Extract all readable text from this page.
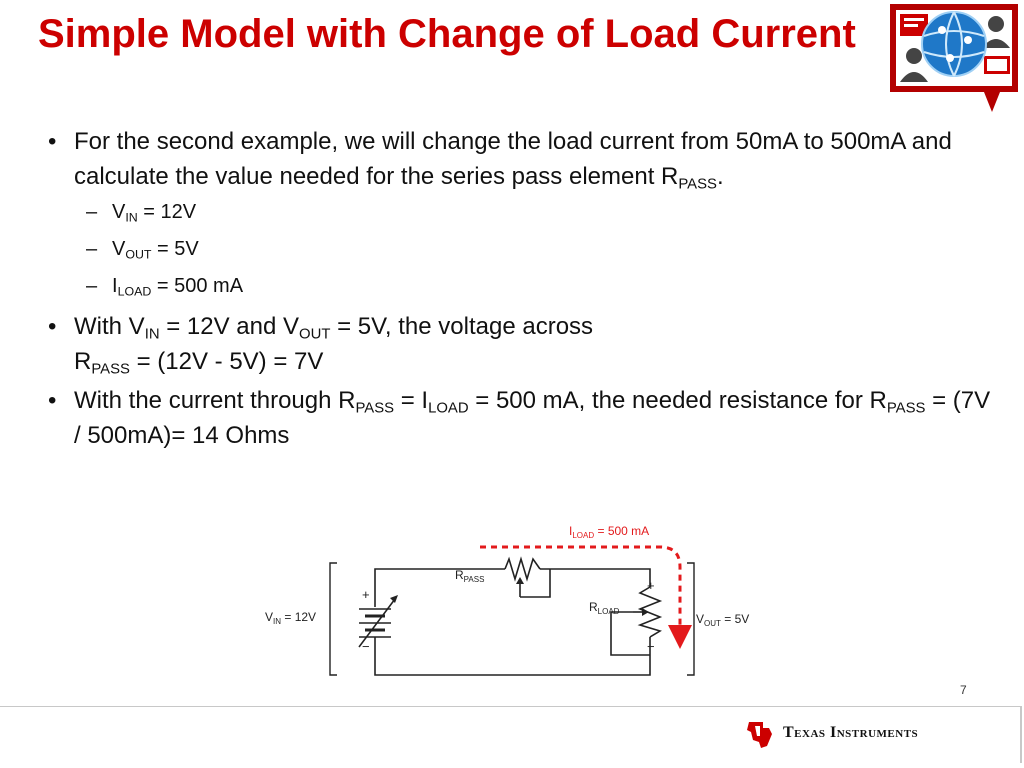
Simple Model with Change of Load Current
• For the second example, we will change the load current from 50mA to 500mA and calculate the value needed for the series pass element $R_{PASS}$.
– $V_{IN} = 12V$
– $V_{OUT} = 5V$
– $I_{LOAD} = 500$ mA
• With $V_{IN} = 12V$ and $V_{OUT} = 5V$, the voltage across
$R_{PASS} = (12V - 5V) = 7V$
• With the current through $R_{PASS} = I_{LOAD} = 500$ mA, the needed resistance for $R_{PASS} = (7V / 500mA)= 14$ Ohms
+
−
+
−
$I_{LOAD} = 500$ mA
$R_{PASS}$
$R_{LOAD}$
$V_{IN} = 12V$	$V_{OUT} = 5V$
7
Texas Instruments
